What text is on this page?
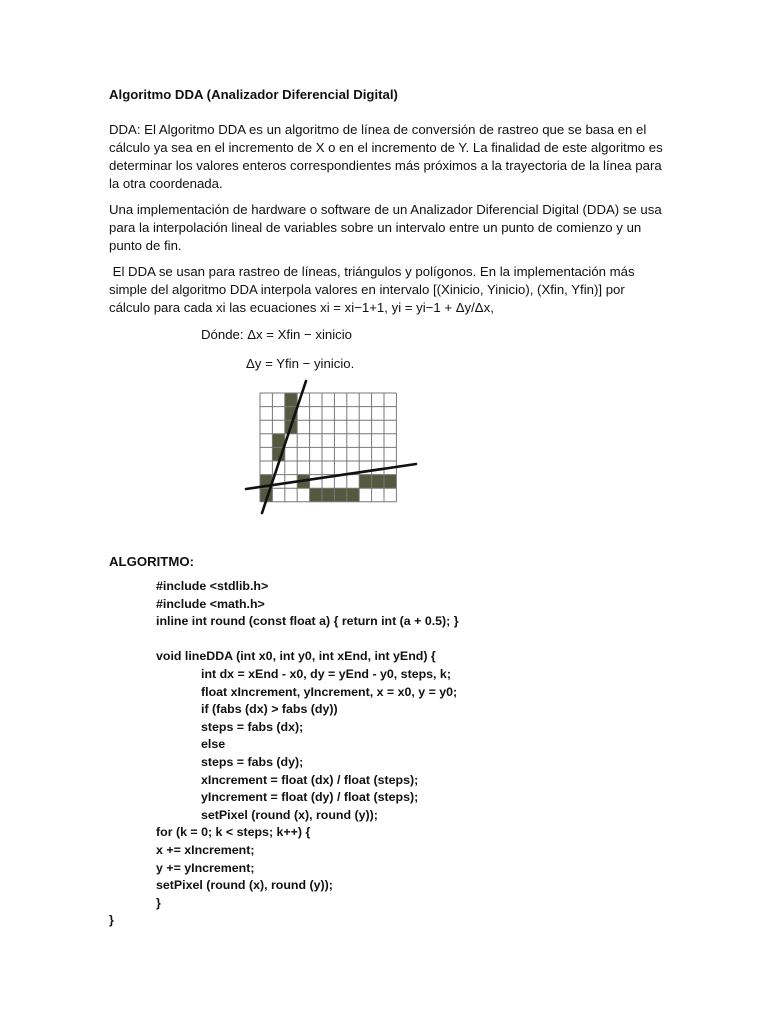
Algoritmo DDA (Analizador Diferencial Digital)
DDA: El Algoritmo DDA es un algoritmo de línea de conversión de rastreo que se basa en el
cálculo ya sea en el incremento de X o en el incremento de Y. La finalidad de este algoritmo es
determinar los valores enteros correspondientes más próximos a la trayectoria de la línea para
la otra coordenada.
Una implementación de hardware o software de un Analizador Diferencial Digital (DDA) se usa
para la interpolación lineal de variables sobre un intervalo entre un punto de comienzo y un
punto de fin.
El DDA se usan para rastreo de líneas, triángulos y polígonos. En la implementación más
simple del algoritmo DDA interpola valores en intervalo [(Xinicio, Yinicio), (Xfin, Yfin)] por
cálculo para cada xi las ecuaciones xi = xi−1+1, yi = yi−1 + Δy/Δx,
Dónde: Δx = Xfin − xinicio
Δy = Yfin − yinicio.
ALGORITMO:
#include <stdlib.h>
#include <math.h>
inline int round (const float a) { return int (a + 0.5); }
void lineDDA (int x0, int y0, int xEnd, int yEnd) {
int dx = xEnd - x0, dy = yEnd - y0, steps, k;
float xIncrement, yIncrement, x = x0, y = y0;
if (fabs (dx) > fabs (dy))
steps = fabs (dx);
else
steps = fabs (dy);
xIncrement = float (dx) / float (steps);
yIncrement = float (dy) / float (steps);
setPixel (round (x), round (y));
for (k = 0; k < steps; k++) {
x += xIncrement;
y += yIncrement;
setPixel (round (x), round (y));
}
}
